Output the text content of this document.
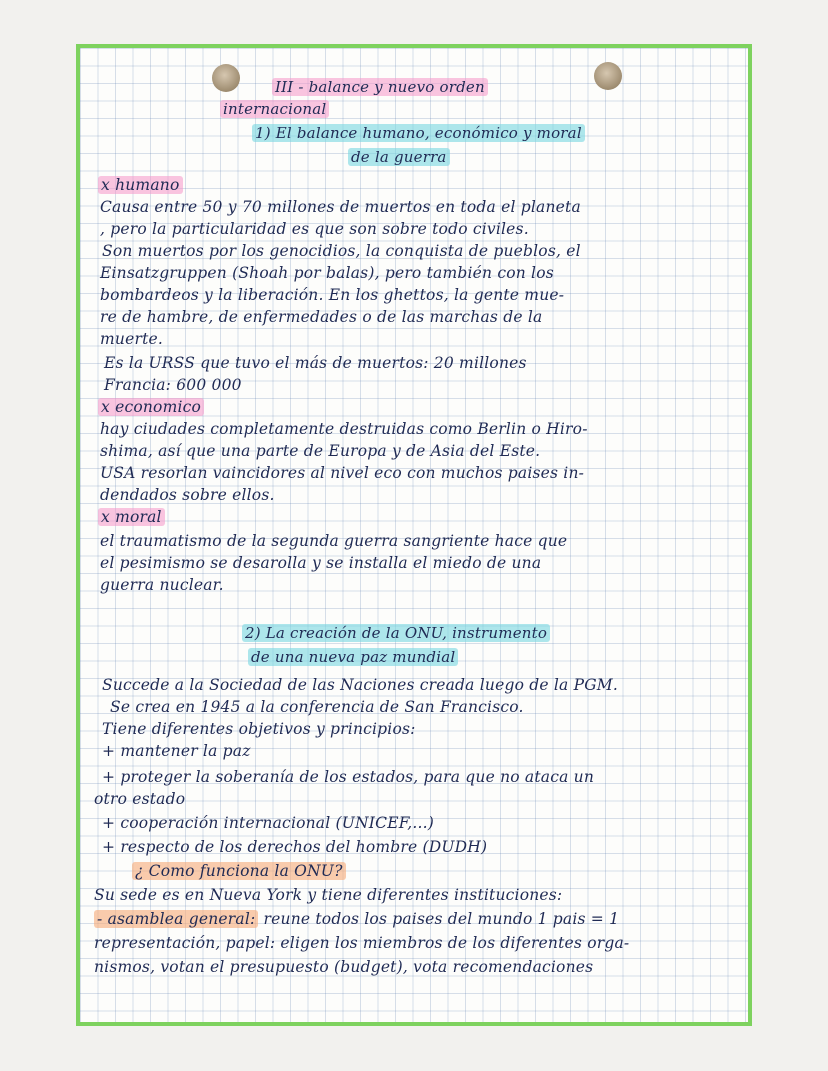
III - balance y nuevo orden
internacional
1) El balance humano, económico y moral
de la guerra
x humano
Causa entre 50 y 70 millones de muertos en toda el planeta
, pero la particularidad es que son sobre todo civiles.
Son muertos por los genocidios, la conquista de pueblos, el
Einsatzgruppen (Shoah por balas), pero también con los
bombardeos y la liberación. En los ghettos, la gente mue-
re de hambre, de enfermedades o de las marchas de la
muerte.
Es la URSS que tuvo el más de muertos: 20 millones
Francia: 600 000
x economico
hay ciudades completamente destruidas como Berlin o Hiro-
shima, así que una parte de Europa y de Asia del Este.
USA resorlan vaincidores al nivel eco con muchos paises in-
dendados sobre ellos.
x moral
el traumatismo de la segunda guerra sangriente hace que
el pesimismo se desarolla y se installa el miedo de una
guerra nuclear.
2) La creación de la ONU, instrumento
de una nueva paz mundial
Succede a la Sociedad de las Naciones creada luego de la PGM.
Se crea en 1945 a la conferencia de San Francisco.
Tiene diferentes objetivos y principios:
+ mantener la paz
+ proteger la soberanía de los estados, para que no ataca un
otro estado
+ cooperación internacional (UNICEF,...)
+ respecto de los derechos del hombre (DUDH)
¿ Como funciona la ONU?
Su sede es en Nueva York y tiene diferentes instituciones:
- asamblea general: reune todos los paises del mundo 1 pais = 1
representación, papel: eligen los miembros de los diferentes orga-
nismos, votan el presupuesto (budget), vota recomendaciones
